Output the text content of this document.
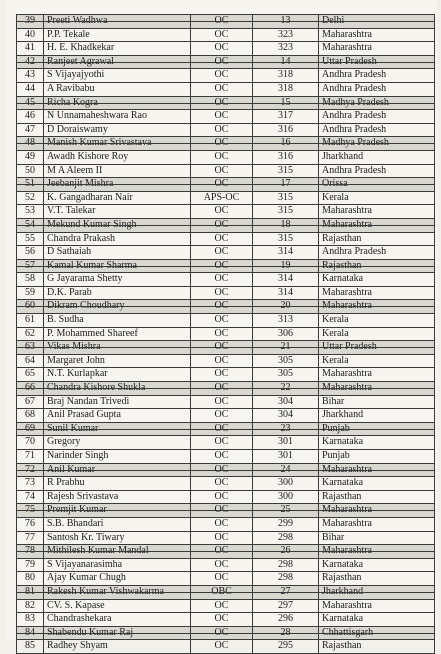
39	Preeti Wadhwa	OC	13	Delhi
40	P.P. Tekale	OC	323	Maharashtra
41	H. E. Khadkekar	OC	323	Maharashtra
42	Ranjeet Agrawal	OC	14	Uttar Pradesh
43	S Vijayajyothi	OC	318	Andhra Pradesh
44	A Ravibabu	OC	318	Andhra Pradesh
45	Richa Kogra	OC	15	Madhya Pradesh
46	N Unnamaheshwara Rao	OC	317	Andhra Pradesh
47	D Doraiswamy	OC	316	Andhra Pradesh
48	Manish Kumar Srivastava	OC	16	Madhya Pradesh
49	Awadh Kishore Roy	OC	316	Jharkhand
50	M A Aleem II	OC	315	Andhra Pradesh
51	Jeebanjit Mishra	OC	17	Orissa
52	K. Gangadharan Nair	APS-OC	315	Kerala
53	V.T. Talekar	OC	315	Maharashtra
54	Mekund Kumar Singh	OC	18	Maharashtra
55	Chandra Prakash	OC	315	Rajasthan
56	D Sathaiah	OC	314	Andhra Pradesh
57	Kamal Kumar Sharma	OC	19	Rajasthan
58	G Jayarama Shetty	OC	314	Karnataka
59	D.K. Parab	OC	314	Maharashtra
60	Dikram Choudhary	OC	20	Maharashtra
61	B. Sudha	OC	313	Kerala
62	P. Mohammed Shareef	OC	306	Kerala
63	Vikas Mishra	OC	21	Uttar Pradesh
64	Margaret John	OC	305	Kerala
65	N.T. Kurlapkar	OC	305	Maharashtra
66	Chandra Kishore Shukla	OC	22	Maharashtra
67	Braj Nandan Trivedi	OC	304	Bihar
68	Anil Prasad Gupta	OC	304	Jharkhand
69	Sunil Kumar	OC	23	Punjab
70	Gregory	OC	301	Karnataka
71	Narinder Singh	OC	301	Punjab
72	Anil Kumar	OC	24	Maharashtra
73	R Prabhu	OC	300	Karnataka
74	Rajesh Srivastava	OC	300	Rajasthan
75	Premjit Kumar	OC	25	Maharashtra
76	S.B. Bhandari	OC	299	Maharashtra
77	Santosh Kr. Tiwary	OC	298	Bihar
78	Mithilesh Kumar Mandal	OC	26	Maharashtra
79	S Vijayanarasimha	OC	298	Karnataka
80	Ajay Kumar Chugh	OC	298	Rajasthan
81	Rakesh Kumar Vishwakarma	OBC	27	Jharkhand
82	CV. S. Kapase	OC	297	Maharashtra
83	Chandrashekara	OC	296	Karnataka
84	Shabendu Kumar Raj	OC	28	Chhattisgarh
85	Radhey Shyam	OC	295	Rajasthan
